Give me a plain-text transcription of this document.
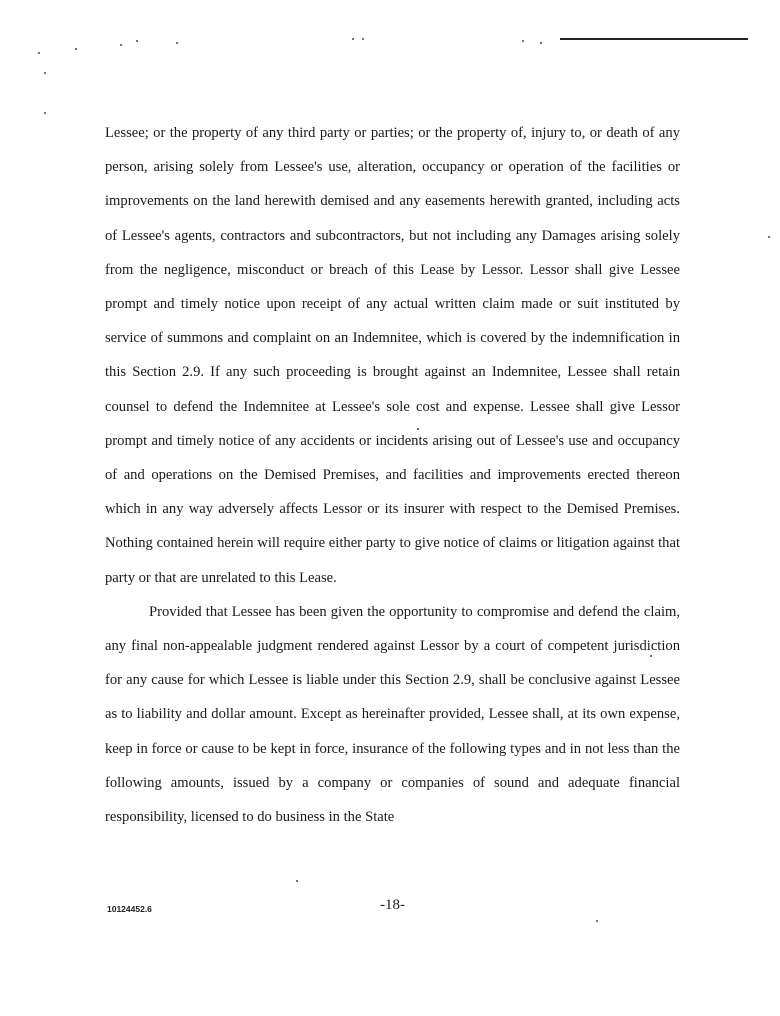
Lessee; or the property of any third party or parties; or the property of, injury to, or death of any person, arising solely from Lessee's use, alteration, occupancy or operation of the facilities or improvements on the land herewith demised and any easements herewith granted, including acts of Lessee's agents, contractors and subcontractors, but not including any Damages arising solely from the negligence, misconduct or breach of this Lease by Lessor. Lessor shall give Lessee prompt and timely notice upon receipt of any actual written claim made or suit instituted by service of summons and complaint on an Indemnitee, which is covered by the indemnification in this Section 2.9. If any such proceeding is brought against an Indemnitee, Lessee shall retain counsel to defend the Indemnitee at Lessee's sole cost and expense. Lessee shall give Lessor prompt and timely notice of any accidents or incidents arising out of Lessee's use and occupancy of and operations on the Demised Premises, and facilities and improvements erected thereon which in any way adversely affects Lessor or its insurer with respect to the Demised Premises. Nothing contained herein will require either party to give notice of claims or litigation against that party or that are unrelated to this Lease.

Provided that Lessee has been given the opportunity to compromise and defend the claim, any final non-appealable judgment rendered against Lessor by a court of competent jurisdiction for any cause for which Lessee is liable under this Section 2.9, shall be conclusive against Lessee as to liability and dollar amount. Except as hereinafter provided, Lessee shall, at its own expense, keep in force or cause to be kept in force, insurance of the following types and in not less than the following amounts, issued by a company or companies of sound and adequate financial responsibility, licensed to do business in the State

10124452.6	-18-
